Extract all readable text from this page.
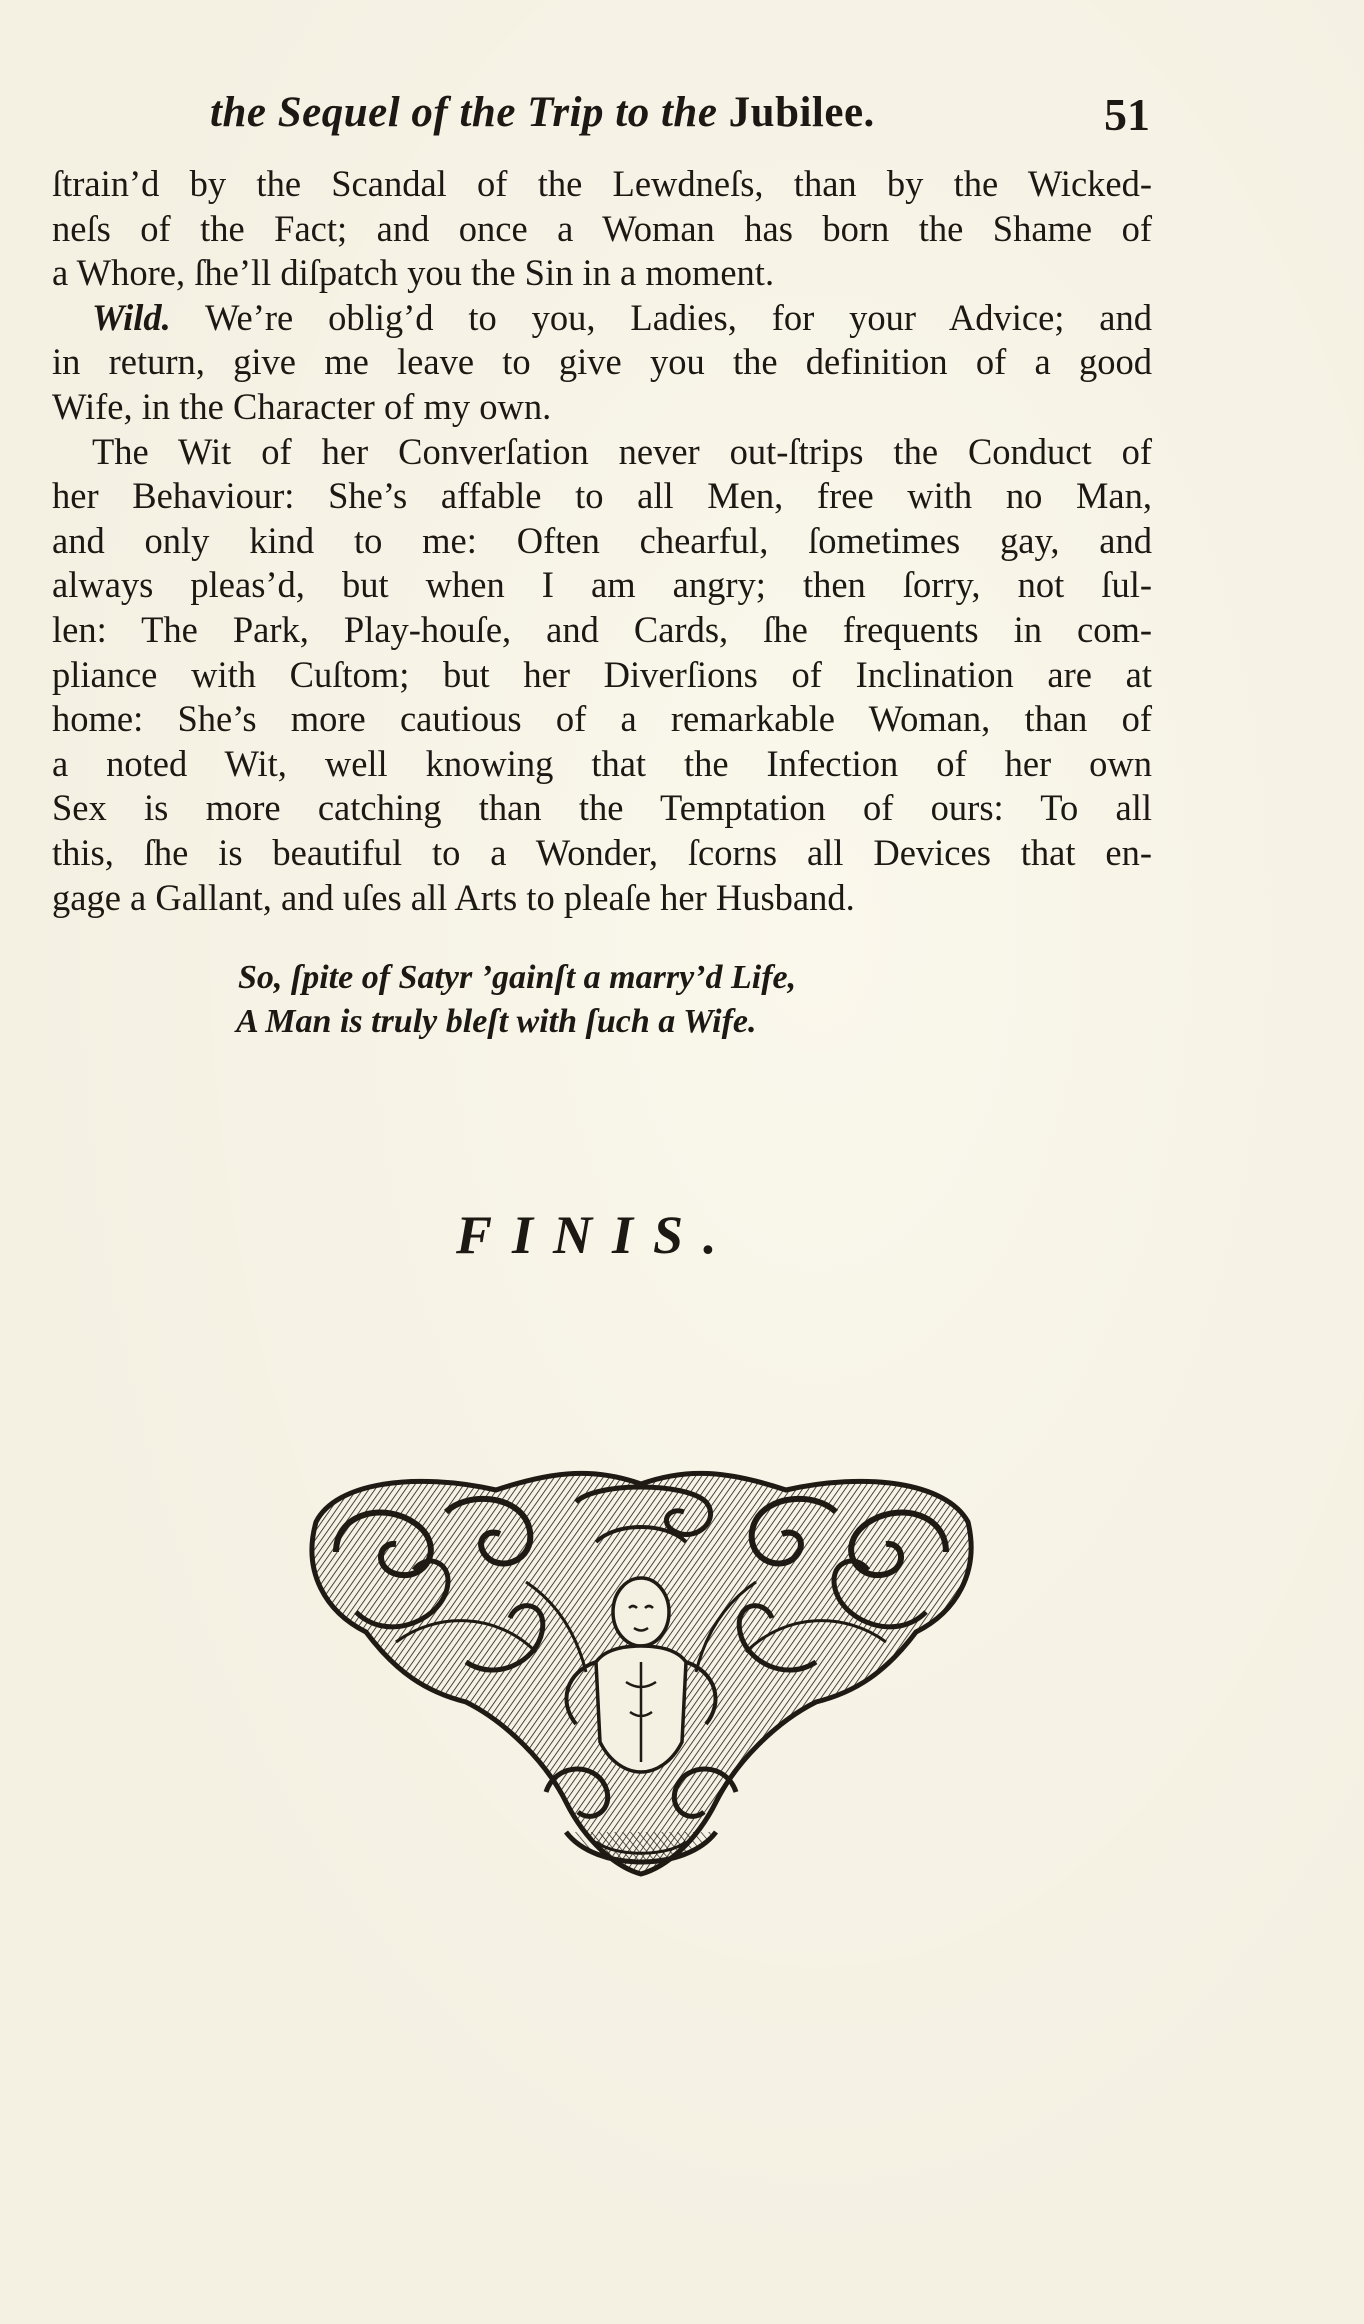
the Sequel of the Trip to the Jubilee.	51
ſtrain’d by the Scandal of the Lewdneſs, than by the Wicked-
neſs of the Fact; and once a Woman has born the Shame of
a Whore, ſhe’ll diſpatch you the Sin in a moment.
Wild. We’re oblig’d to you, Ladies, for your Advice; and
in return, give me leave to give you the definition of a good
Wife, in the Character of my own.
The Wit of her Converſation never out-ſtrips the Conduct of
her Behaviour: She’s affable to all Men, free with no Man,
and only kind to me: Often chearful, ſometimes gay, and
always pleas’d, but when I am angry; then ſorry, not ſul-
len: The Park, Play-houſe, and Cards, ſhe frequents in com-
pliance with Cuſtom; but her Diverſions of Inclination are at
home: She’s more cautious of a remarkable Woman, than of
a noted Wit, well knowing that the Infection of her own
Sex is more catching than the Temptation of ours: To all
this, ſhe is beautiful to a Wonder, ſcorns all Devices that en-
gage a Gallant, and uſes all Arts to pleaſe her Husband.
So, ſpite of Satyr ’gainſt a marry’d Life,
A Man is truly bleſt with ſuch a Wife.
FINIS.
